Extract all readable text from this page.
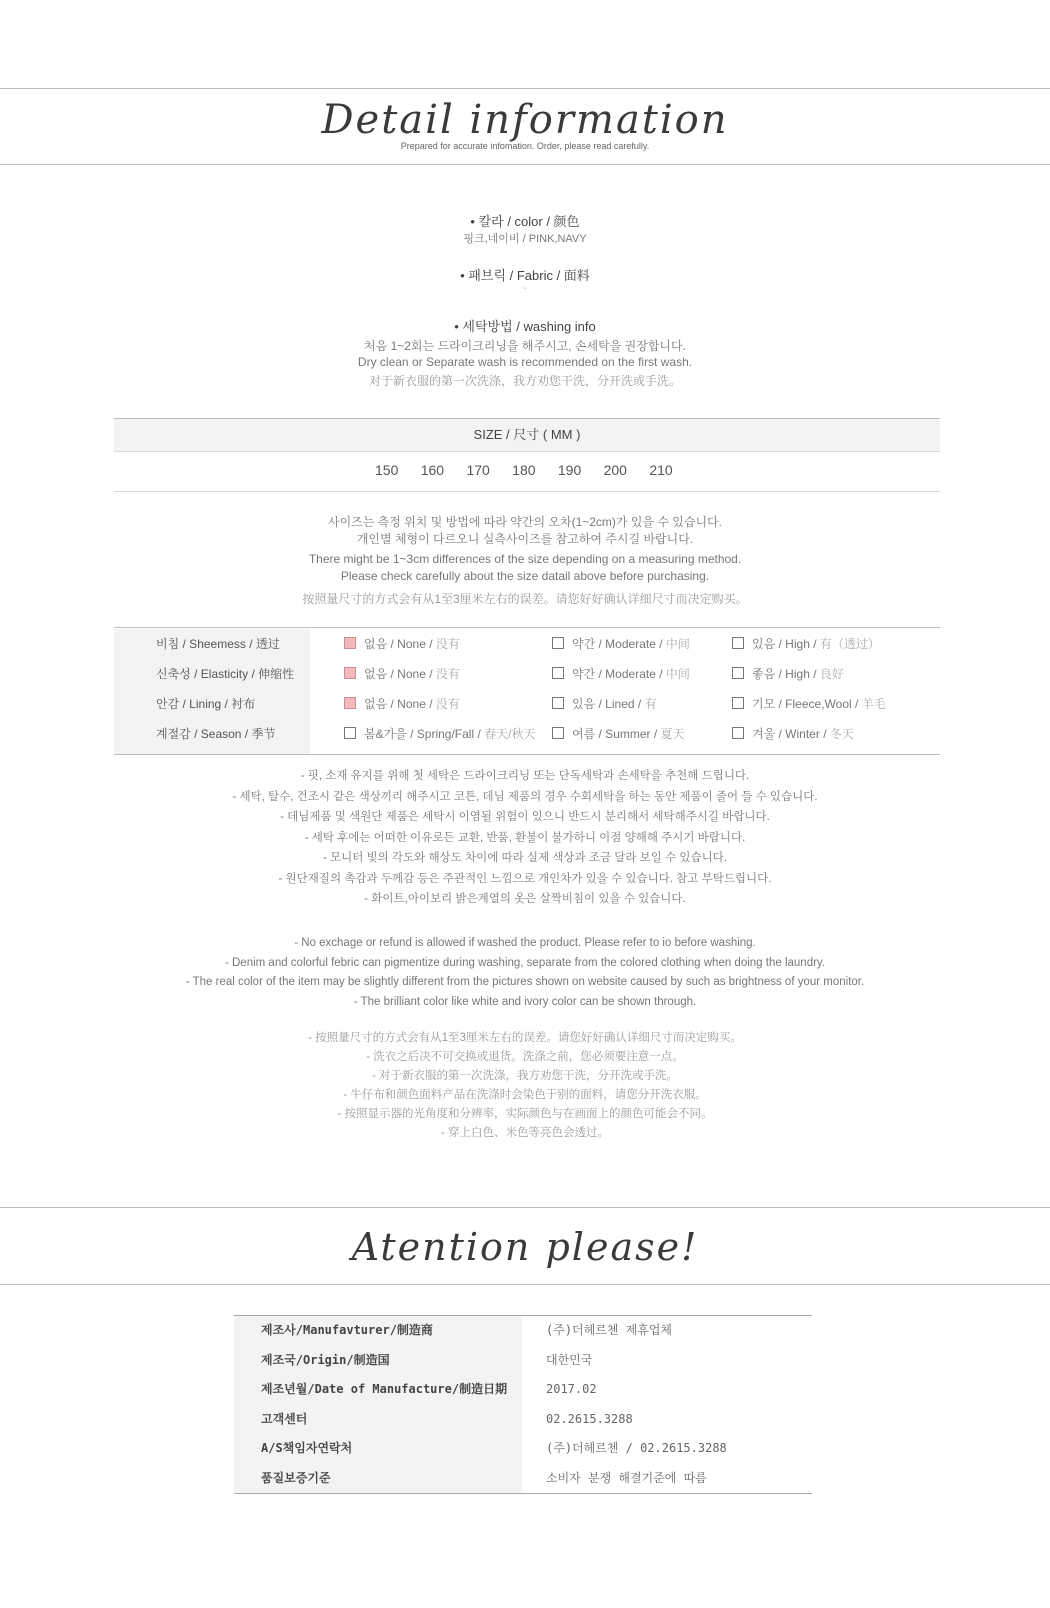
Detail information
Prepared for accurate infomation. Order, please read carefully.
• 칼라 / color / 颜色
핑크,네이비 / PINK,NAVY
• 패브릭 / Fabric / 面料
-
• 세탁방법 / washing info
처음 1~2회는 드라이크리닝을 해주시고, 손세탁을 권장합니다.
Dry clean or Separate wash is recommended on the first wash.
对于新衣服的第一次洗涤，我方劝您干洗，分开洗或手洗。
SIZE / 尺寸 ( MM )
150	160	170	180	190	200	210
사이즈는 측정 위치 및 방법에 따라 약간의 오차(1~2cm)가 있을 수 있습니다.
개인별 체형이 다르오니 실측사이즈를 참고하여 주시길 바랍니다.
There might be 1~3cm differences of the size depending on a measuring method.
Please check carefully about the size datail above before purchasing.
按照量尺寸的方式会有从1至3厘米左右的误差。请您好好确认详细尺寸而决定购买。
비침 / Sheemess / 透过	없음 / None / 没有	약간 / Moderate / 中间	있음 / High / 有（透过）
신축성 / Elasticity / 伸缩性	없음 / None / 没有	약간 / Moderate / 中间	좋음 / High / 良好
안감 / Lining / 衬布	없음 / None / 没有	있음 / Lined / 有	기모 / Fleece,Wool / 羊毛
계절감 / Season / 季节	봄&가을 / Spring/Fall / 春天/秋天	여름 / Summer / 夏天	겨울 / Winter / 冬天
- 핏, 소재 유지를 위해 첫 세탁은 드라이크리닝 또는 단독세탁과 손세탁을 추천해 드립니다.
- 세탁, 탈수, 건조시 같은 색상끼리 해주시고 코튼, 데님 제품의 경우 수회세탁을 하는 동안 제품이 줄어 들 수 있습니다.
- 데님제품 및 색원단 제품은 세탁시 이염될 위험이 있으니 반드시 분리해서 세탁해주시길 바랍니다.
- 세탁 후에는 어떠한 이유로든 교환, 반품, 환불이 불가하니 이점 양해해 주시기 바랍니다.
- 모니터 빛의 각도와 해상도 차이에 따라 실제 색상과 조금 달라 보일 수 있습니다.
- 원단재질의 촉감과 두께감 등은 주관적인 느낌으로 개인차가 있을 수 있습니다. 참고 부탁드립니다.
- 화이트,아이보리 밝은계열의 옷은 살짝비침이 있을 수 있습니다.
- No exchage or refund is allowed if washed the product. Please refer to io before washing.
- Denim and colorful febric can pigmentize during washing, separate from the colored clothing when doing the laundry.
- The real color of the item may be slightly different from the pictures shown on website caused by such as brightness of your monitor.
- The brilliant color like white and ivory color can be shown through.
- 按照量尺寸的方式会有从1至3厘米左右的误差。请您好好确认详细尺寸而决定购买。
- 洗衣之后决不可交换或退货。洗涤之前，您必须要注意一点。
- 对于新衣服的第一次洗涤，我方劝您干洗，分开洗或手洗。
- 牛仔布和颜色面料产品在洗涤时会染色于别的面料，请您分开洗衣服。
- 按照显示器的光角度和分辨率，实际颜色与在画面上的颜色可能会不同。
- 穿上白色、米色等亮色会透过。
Atention please!
제조사/Manufavturer/制造商	(주)더헤르첸 제휴업체
제조국/Origin/制造国	대한민국
제조년월/Date of Manufacture/制造日期	2017.02
고객센터	02.2615.3288
A/S책임자연락처	(주)더헤르첸 / 02.2615.3288
품질보증기준	소비자 분쟁 해결기준에 따름
